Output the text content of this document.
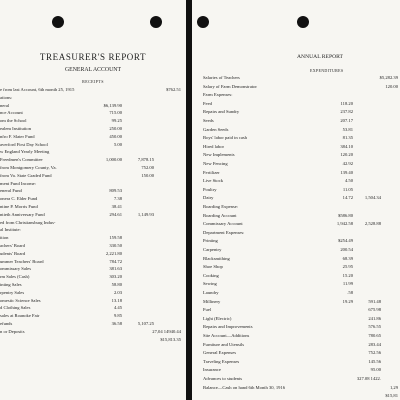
TREASURER'S REPORT
GENERAL ACCOUNT
RECEIPTS
e from last Account, 6th month 25, 1915	$762.51
ations:
neral	$6,139.90
nce Account	715.00
om the School	99.25
ealem Institution	250.00
nfro F. Slater Fund	450.00
averford First Day School	5.00
w England Yearly Meeting
Freedmen's Committee	1,000.00	7,878.15
from Montgomery County, Va.	752.00
from Va. State Graded Fund	150.00
ment Fund Income:
eneral Fund	809.53
onera C. Elder Fund	7.38
ntine P. Morris Fund	38.41
ntieth Anniversary Fund	294.61	1,149.93
ed from Christiansburg Indus-
al Institute:
ition	159.58
achers' Board	330.50
udents' Board	2,221.80
ummer Teachers' Board	784.72
ommissary Sales	381.63
rm Sales (Cash)	303.20
inting Sales	58.80
rpentry Sales	2.03
omestic Science Sales	13.18
d Clothing Sales	4.45
sales at Roanoke Fair	9.85
efunds	36.58	5,107.25
n or Deposits	27,04 14940.44
$15,813.35
ANNUAL REPORT
EXPENDITURES
Salaries of Teachers	$5,282.39
Salary of Farm Demonstrator	120.00
Farm Expenses:
Feed	118.20
Repairs and Sundry	237.82
Seeds	207.17
Garden Seeds	53.81
Boys' labor paid in cash	81.35
Hired labor	384.10
New Implements	120.20
New Fencing	42.92
Fertilizer	139.40
Live Stock	4.50
Poultry	11.05
Dairy	14.72	1,504.34
Boarding Expense:
Boarding Account	$586.80
Commissary Account	1,942.58	2,528.88
Department Expenses:
Printing	$254.49
Carpentry	200.54
Blacksmithing	68.39
Shoe Shop	25.95
Cooking	15.20
Sewing	11.99
Laundry	.58
Millinery	19.29	591.48
Fuel	675.98
Light (Electric)	241.86
Repairs and Improvements	576.55
Site Account—Additions	780.65
Furniture and Utensils	283.44
General Expenses	752.56
Traveling Expenses	145.56
Insurance	95.00
Advances to students	327.08 1422.
Balance—Cash on hand 6th Month 30, 1916	1,29
$15,81
